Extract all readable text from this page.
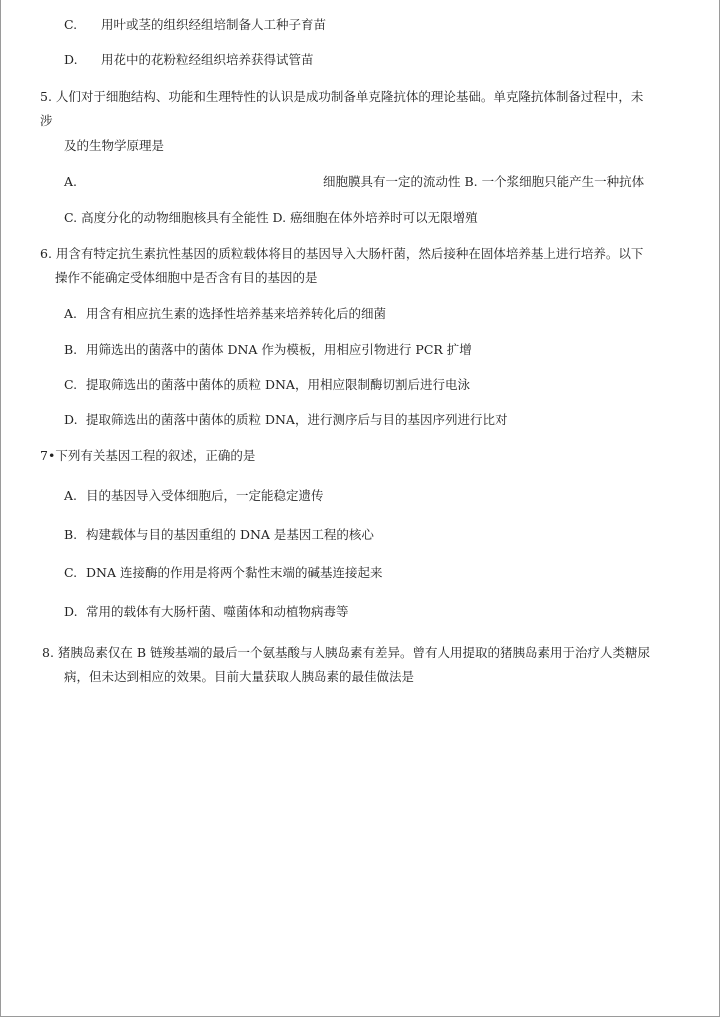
C. 用叶或茎的组织经组培制备人工种子育苗
D. 用花中的花粉粒经组织培养获得试管苗
5. 人们对于细胞结构、功能和生理特性的认识是成功制备单克隆抗体的理论基础。单克隆抗体制备过程中，未
涉
及的生物学原理是
A.	细胞膜具有一定的流动性 B. 一个浆细胞只能产生一种抗体
C. 高度分化的动物细胞核具有全能性 D. 癌细胞在体外培养时可以无限增殖
6. 用含有特定抗生素抗性基因的质粒载体将目的基因导入大肠杆菌，然后接种在固体培养基上进行培养。以下
操作不能确定受体细胞中是否含有目的基因的是
A. 用含有相应抗生素的选择性培养基来培养转化后的细菌
B. 用筛选出的菌落中的菌体 DNA 作为模板，用相应引物进行 PCR 扩增
C. 提取筛选出的菌落中菌体的质粒 DNA，用相应限制酶切割后进行电泳
D. 提取筛选出的菌落中菌体的质粒 DNA，进行测序后与目的基因序列进行比对
7•下列有关基因工程的叙述，正确的是
A. 目的基因导入受体细胞后，一定能稳定遗传
B. 构建载体与目的基因重组的 DNA 是基因工程的核心
C. DNA 连接酶的作用是将两个黏性末端的碱基连接起来
D. 常用的载体有大肠杆菌、噬菌体和动植物病毒等
8. 猪胰岛素仅在 B 链羧基端的最后一个氨基酸与人胰岛素有差异。曾有人用提取的猪胰岛素用于治疗人类糖尿
病，但未达到相应的效果。目前大量获取人胰岛素的最佳做法是
